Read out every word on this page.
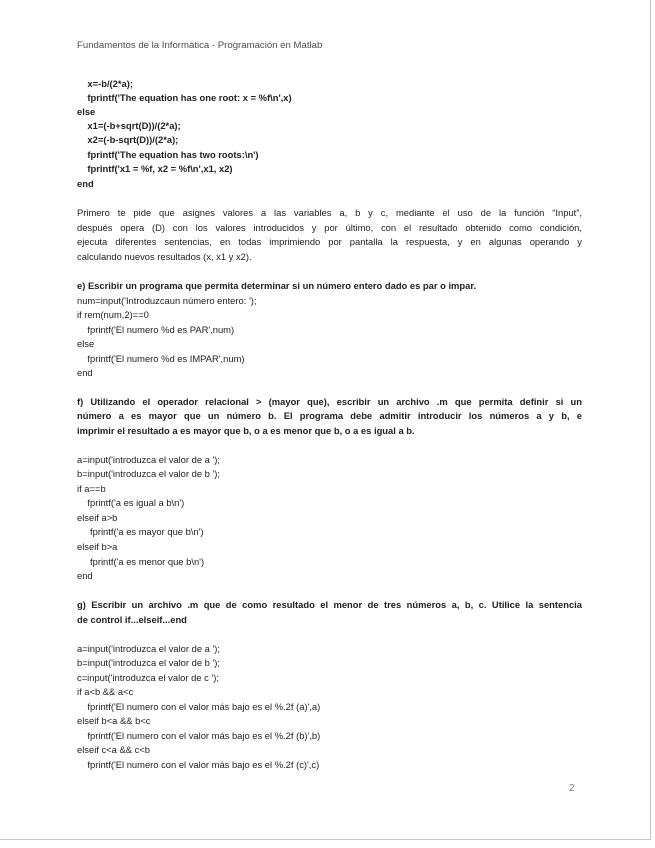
Fundamentos de la Informática - Programación en Matlab
x=-b/(2*a);
fprintf('The equation has one root: x = %f\n',x)
else
x1=(-b+sqrt(D))/(2*a);
x2=(-b-sqrt(D))/(2*a);
fprintf('The equation has two roots:\n')
fprintf('x1 = %f, x2 = %f\n',x1, x2)
end
Primero te pide que asignes valores a las variables a, b y c, mediante el uso de la función “Input”,
después opera (D) con los valores introducidos y por último, con el resultado obtenido como condición,
ejecuta diferentes sentencias, en todas imprimiendo por pantalla la respuesta, y en algunas operando y
calculando nuevos resultados (x, x1 y x2).
e) Escribir un programa que permita determinar si un número entero dado es par o impar.
num=input('Introduzcaun número entero: ');
if rem(num,2)==0
fprintf('El numero %d es PAR',num)
else
fprintf('El numero %d es IMPAR',num)
end
f) Utilizando el operador relacional > (mayor que), escribir un archivo .m que permita definir si un
número a es mayor que un número b. El programa debe admitir introducir los números a y b, e
imprimir el resultado a es mayor que b, o a es menor que b, o a es igual a b.
a=input('introduzca el valor de a ');
b=input('introduzca el valor de b ');
if a==b
fprintf('a es igual a b\n')
elseif a>b
fprintf('a es mayor que b\n')
elseif b>a
fprintf('a es menor que b\n')
end
g) Escribir un archivo .m que de como resultado el menor de tres números a, b, c. Utilice la sentencia
de control if...elseif...end
a=input('introduzca el valor de a ');
b=input('introduzca el valor de b ');
c=input('introduzca el valor de c ');
if a<b && a<c
fprintf('El numero con el valor más bajo es el %.2f (a)',a)
elseif b<a && b<c
fprintf('El numero con el valor más bajo es el %.2f (b)',b)
elseif c<a && c<b
fprintf('El numero con el valor más bajo es el %.2f (c)',c)
2
